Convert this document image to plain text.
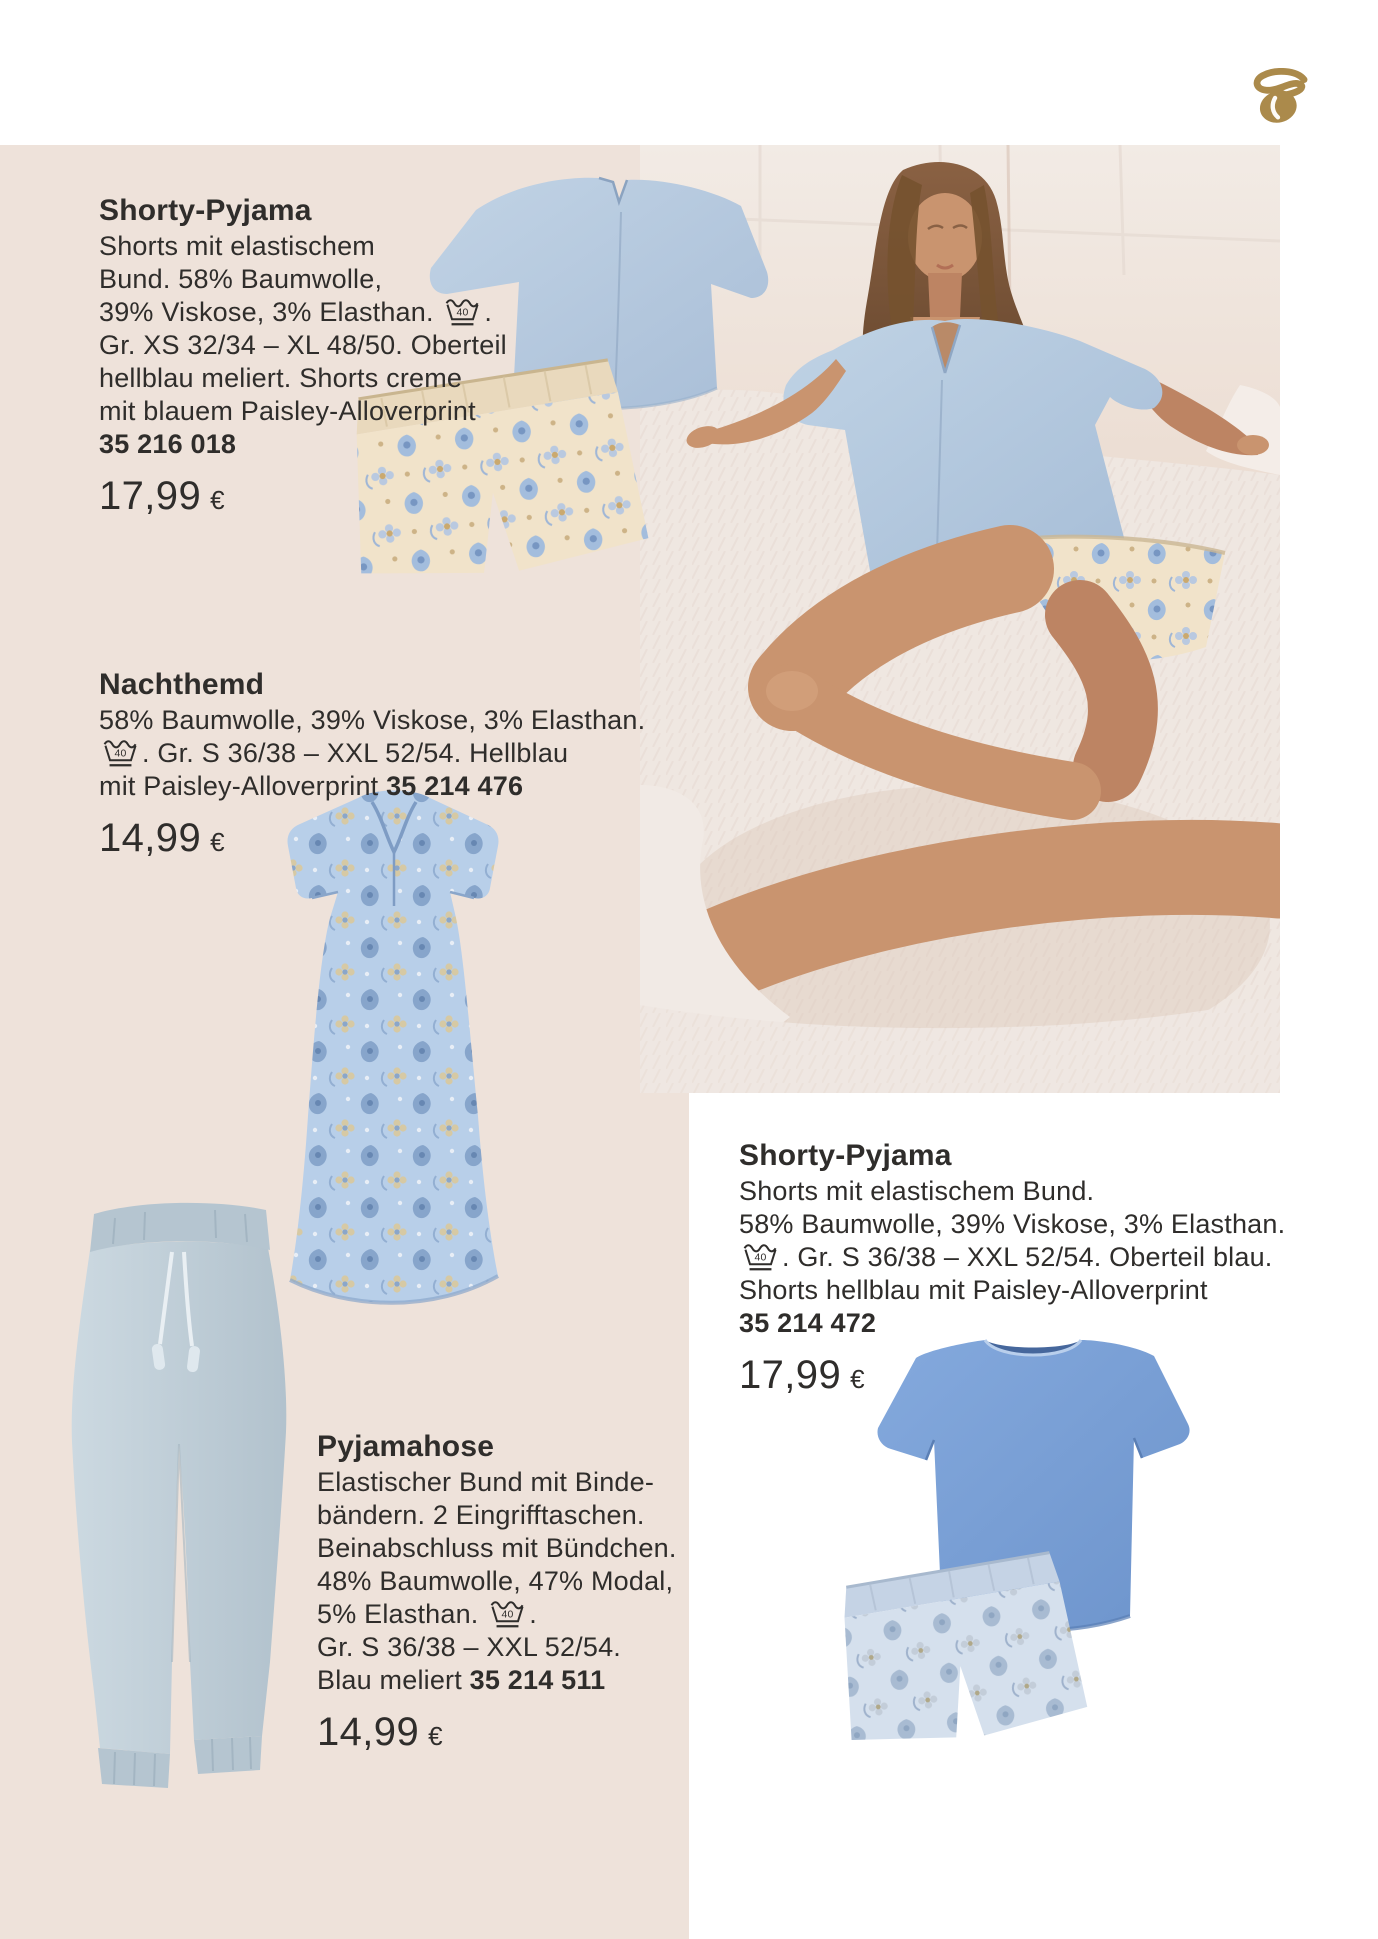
Shorty-Pyjama
Shorts mit elastischem
Bund. 58% Baumwolle,
39% Viskose, 3% Elasthan. 40 .
Gr. XS 32/34 – XL 48/50. Oberteil
hellblau meliert. Shorts creme
mit blauem Paisley-Alloverprint
35 216 018
17,99 €
Nachthemd
58% Baumwolle, 39% Viskose, 3% Elasthan.
40 . Gr. S 36/38 – XXL 52/54. Hellblau
mit Paisley-Alloverprint 35 214 476
14,99 €
Pyjamahose
Elastischer Bund mit Binde-
bändern. 2 Eingrifftaschen.
Beinabschluss mit Bündchen.
48% Baumwolle, 47% Modal,
5% Elasthan. 40 .
Gr. S 36/38 – XXL 52/54.
Blau meliert 35 214 511
14,99 €
Shorty-Pyjama
Shorts mit elastischem Bund.
58% Baumwolle, 39% Viskose, 3% Elasthan.
40 . Gr. S 36/38 – XXL 52/54. Oberteil blau.
Shorts hellblau mit Paisley-Alloverprint
35 214 472
17,99 €
